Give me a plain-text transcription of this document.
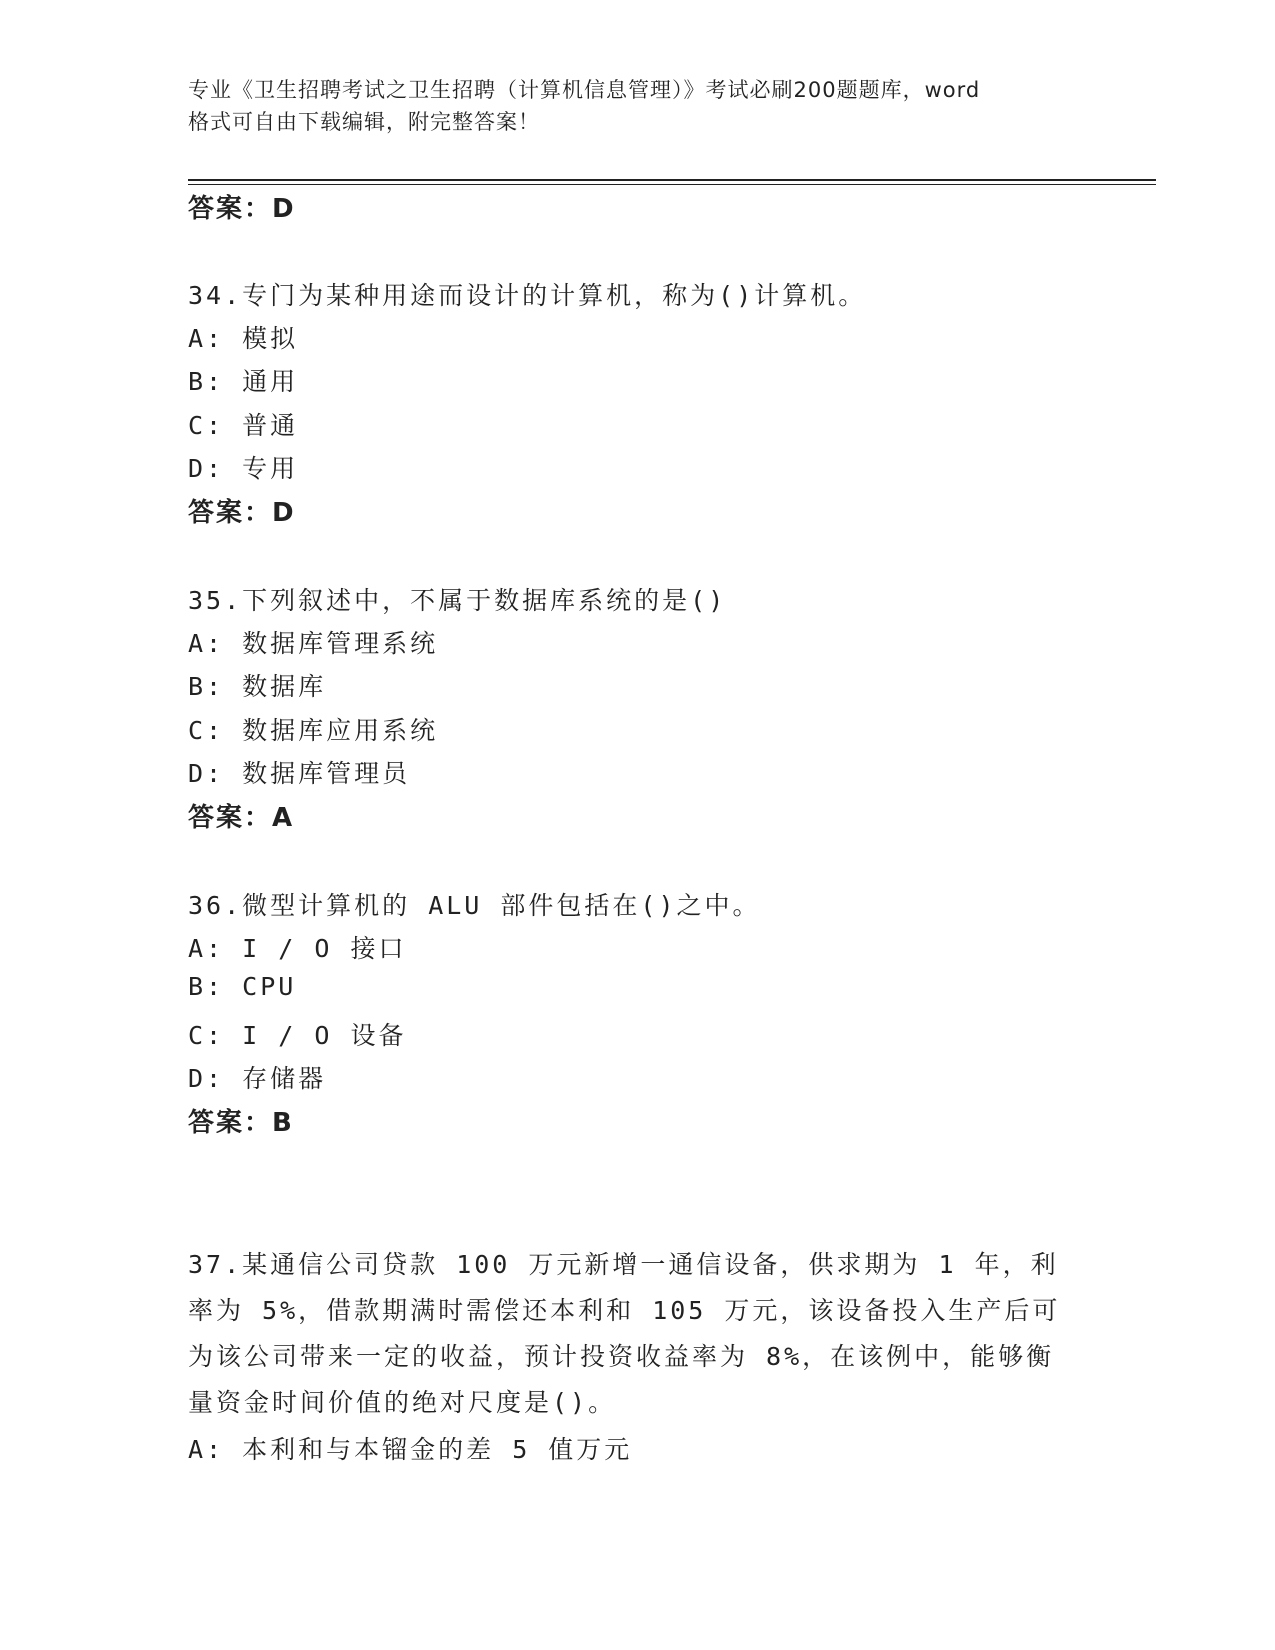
专业《卫生招聘考试之卫生招聘（计算机信息管理）》考试必刷200题题库，word
格式可自由下载编辑，附完整答案！
答案：D
34.专门为某种用途而设计的计算机，称为()计算机。
A: 模拟
B: 通用
C: 普通
D: 专用
答案：D
35.下列叙述中，不属于数据库系统的是()
A: 数据库管理系统
B: 数据库
C: 数据库应用系统
D: 数据库管理员
答案：A
36.微型计算机的 ALU 部件包括在()之中。
A: I / O 接口
B: CPU
C: I / O 设备
D: 存储器
答案：B
37.某通信公司贷款 100 万元新增一通信设备，供求期为 1 年，利率为 5%，借款期满时需偿还本利和 105 万元，该设备投入生产后可为该公司带来一定的收益，预计投资收益率为 8%，在该例中，能够衡量资金时间价值的绝对尺度是()。
A: 本利和与本镏金的差 5 值万元
